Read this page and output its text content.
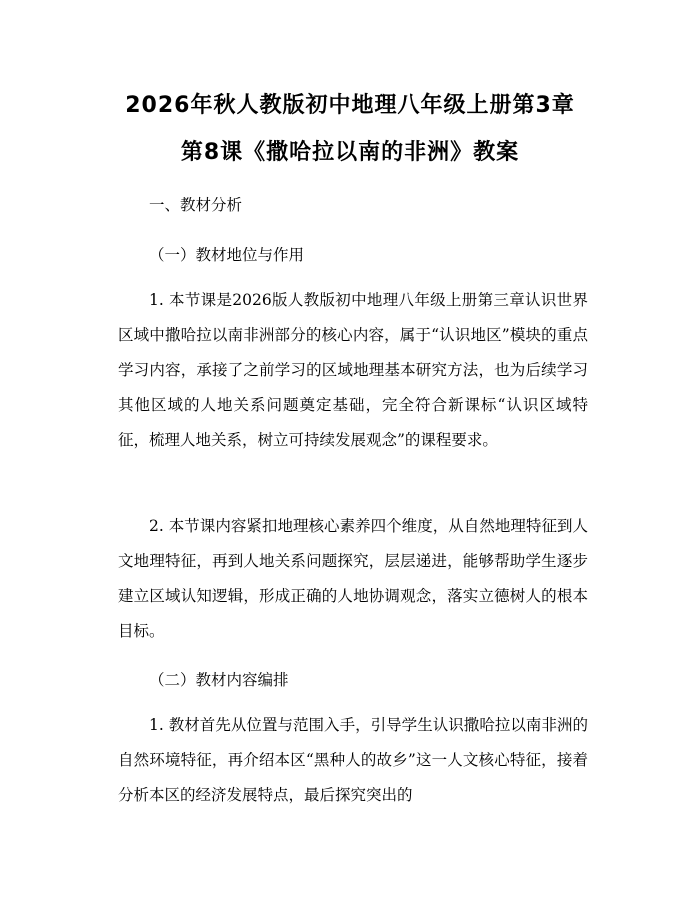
2026年秋人教版初中地理八年级上册第3章
第8课《撒哈拉以南的非洲》教案
一、教材分析
（一）教材地位与作用
1. 本节课是2026版人教版初中地理八年级上册第三章认识世界区域中撒哈拉以南非洲部分的核心内容，属于“认识地区”模块的重点学习内容，承接了之前学习的区域地理基本研究方法，也为后续学习其他区域的人地关系问题奠定基础，完全符合新课标“认识区域特征，梳理人地关系，树立可持续发展观念”的课程要求。
2. 本节课内容紧扣地理核心素养四个维度，从自然地理特征到人文地理特征，再到人地关系问题探究，层层递进，能够帮助学生逐步建立区域认知逻辑，形成正确的人地协调观念，落实立德树人的根本目标。
（二）教材内容编排
1. 教材首先从位置与范围入手，引导学生认识撒哈拉以南非洲的自然环境特征，再介绍本区“黑种人的故乡”这一人文核心特征，接着分析本区的经济发展特点，最后探究突出的
